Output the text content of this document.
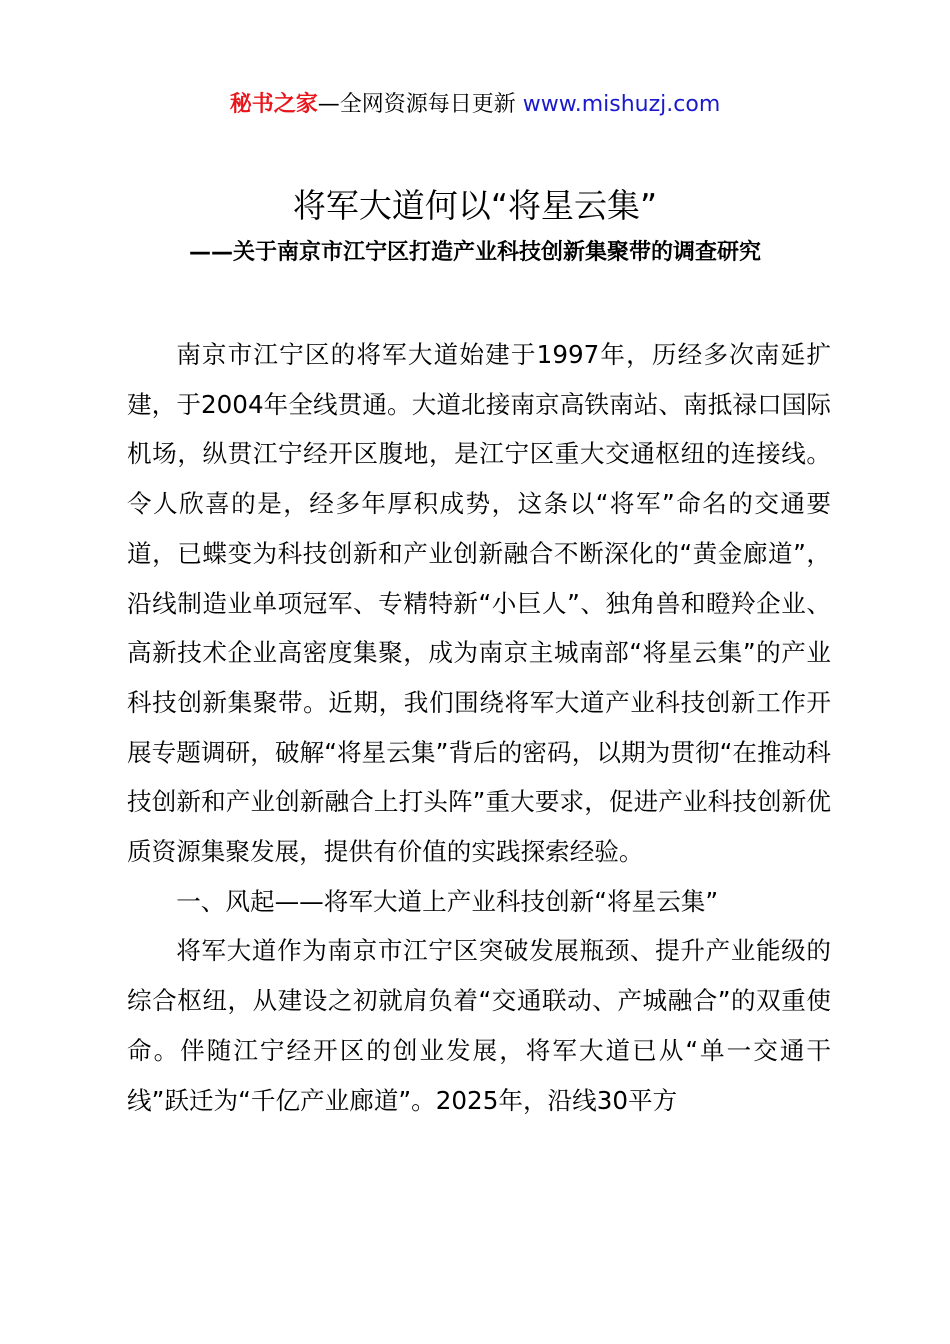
秘书之家—全网资源每日更新 www.mishuzj.com
将军大道何以“将星云集”
——关于南京市江宁区打造产业科技创新集聚带的调查研究

南京市江宁区的将军大道始建于1997年，历经多次南延扩建，于2004年全线贯通。大道北接南京高铁南站、南抵禄口国际机场，纵贯江宁经开区腹地，是江宁区重大交通枢纽的连接线。令人欣喜的是，经多年厚积成势，这条以“将军”命名的交通要道，已蝶变为科技创新和产业创新融合不断深化的“黄金廊道”，沿线制造业单项冠军、专精特新“小巨人”、独角兽和瞪羚企业、高新技术企业高密度集聚，成为南京主城南部“将星云集”的产业科技创新集聚带。近期，我们围绕将军大道产业科技创新工作开展专题调研，破解“将星云集”背后的密码，以期为贯彻“在推动科技创新和产业创新融合上打头阵”重大要求，促进产业科技创新优质资源集聚发展，提供有价值的实践探索经验。

一、风起——将军大道上产业科技创新“将星云集”

将军大道作为南京市江宁区突破发展瓶颈、提升产业能级的综合枢纽，从建设之初就肩负着“交通联动、产城融合”的双重使命。伴随江宁经开区的创业发展，将军大道已从“单一交通干线”跃迁为“千亿产业廊道”。2025年，沿线30平方
